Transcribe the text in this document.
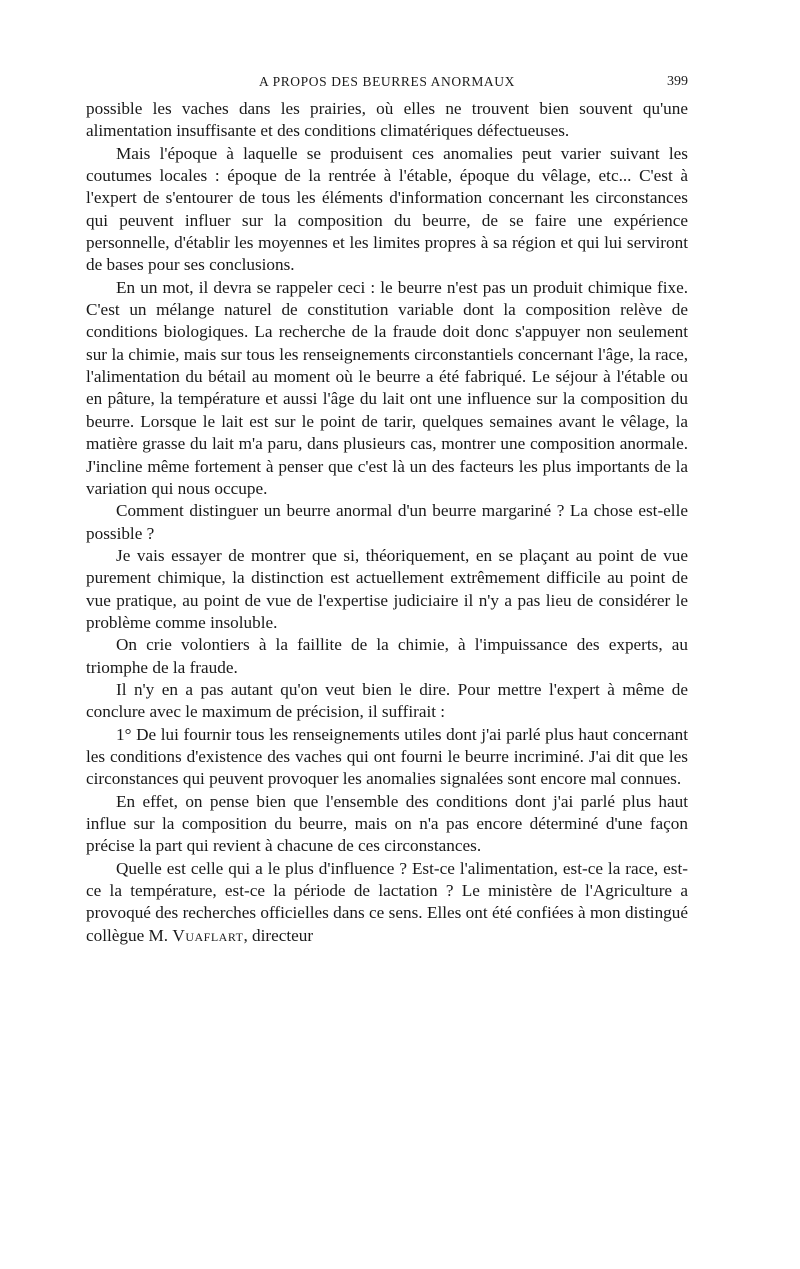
A PROPOS DES BEURRES ANORMAUX	399

possible les vaches dans les prairies, où elles ne trouvent bien souvent qu'une alimentation insuffisante et des conditions climatériques défectueuses.

Mais l'époque à laquelle se produisent ces anomalies peut varier suivant les coutumes locales : époque de la rentrée à l'étable, époque du vêlage, etc... C'est à l'expert de s'entourer de tous les éléments d'information concernant les circonstances qui peuvent influer sur la composition du beurre, de se faire une expérience personnelle, d'établir les moyennes et les limites propres à sa région et qui lui serviront de bases pour ses conclusions.

En un mot, il devra se rappeler ceci : le beurre n'est pas un produit chimique fixe. C'est un mélange naturel de constitution variable dont la composition relève de conditions biologiques. La recherche de la fraude doit donc s'appuyer non seulement sur la chimie, mais sur tous les renseignements circonstantiels concernant l'âge, la race, l'alimentation du bétail au moment où le beurre a été fabriqué. Le séjour à l'étable ou en pâture, la température et aussi l'âge du lait ont une influence sur la composition du beurre. Lorsque le lait est sur le point de tarir, quelques semaines avant le vêlage, la matière grasse du lait m'a paru, dans plusieurs cas, montrer une composition anormale. J'incline même fortement à penser que c'est là un des facteurs les plus importants de la variation qui nous occupe.

Comment distinguer un beurre anormal d'un beurre margariné ? La chose est-elle possible ?

Je vais essayer de montrer que si, théoriquement, en se plaçant au point de vue purement chimique, la distinction est actuellement extrêmement difficile au point de vue pratique, au point de vue de l'expertise judiciaire il n'y a pas lieu de considérer le problème comme insoluble.

On crie volontiers à la faillite de la chimie, à l'impuissance des experts, au triomphe de la fraude.

Il n'y en a pas autant qu'on veut bien le dire. Pour mettre l'expert à même de conclure avec le maximum de précision, il suffirait :

1° De lui fournir tous les renseignements utiles dont j'ai parlé plus haut concernant les conditions d'existence des vaches qui ont fourni le beurre incriminé. J'ai dit que les circonstances qui peuvent provoquer les anomalies signalées sont encore mal connues.

En effet, on pense bien que l'ensemble des conditions dont j'ai parlé plus haut influe sur la composition du beurre, mais on n'a pas encore déterminé d'une façon précise la part qui revient à chacune de ces circonstances.

Quelle est celle qui a le plus d'influence ? Est-ce l'alimentation, est-ce la race, est-ce la température, est-ce la période de lactation ? Le ministère de l'Agriculture a provoqué des recherches officielles dans ce sens. Elles ont été confiées à mon distingué collègue M. Vuaflart, directeur
